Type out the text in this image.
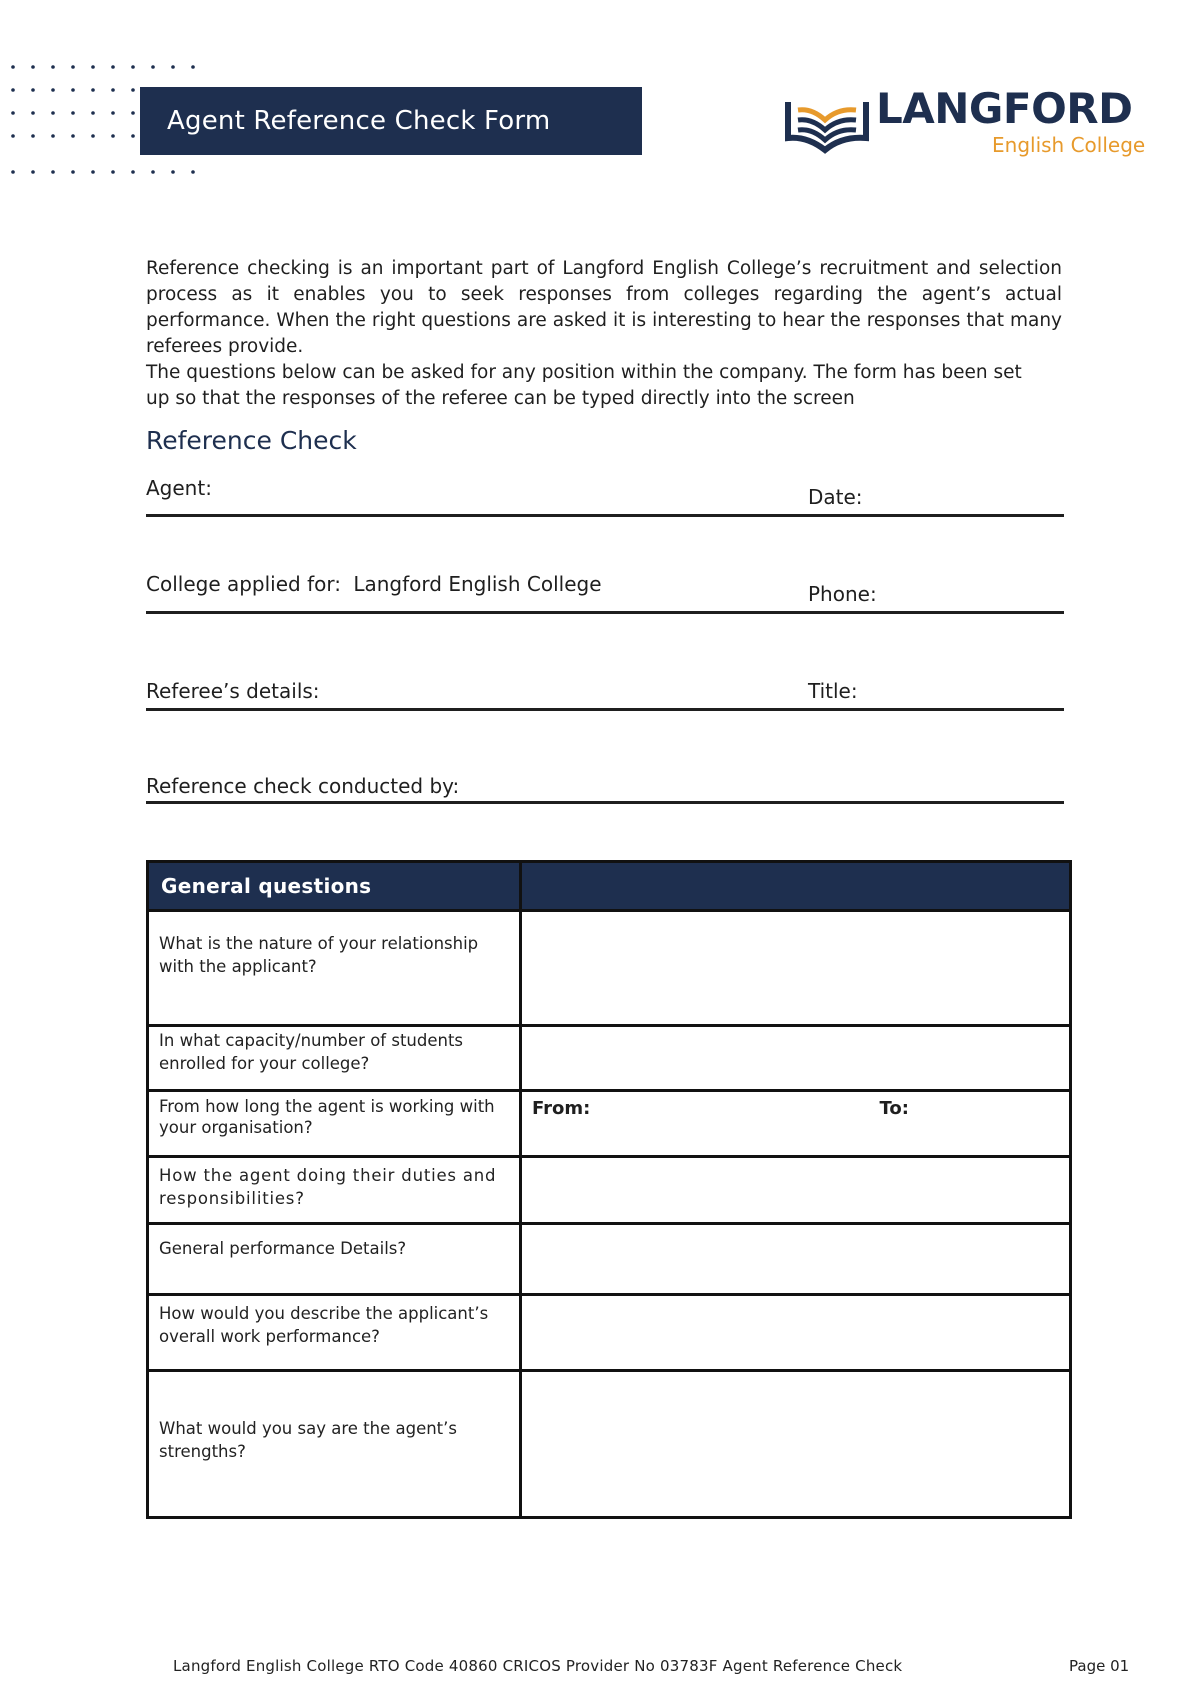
Agent Reference Check Form	LANGFORD
English College

Reference checking is an important part of Langford English College’s recruitment and selection process as it enables you to seek responses from colleges regarding the agent’s actual performance. When the right questions are asked it is interesting to hear the responses that many referees provide.

The questions below can be asked for any position within the company. The form has been set up so that the responses of the referee can be typed directly into the screen

Reference Check
Agent:	Date:
College applied for: Langford English College	Phone:
Referee’s details:	Title:
Reference check conducted by:
General questions	
What is the nature of your relationship with the applicant?	
In what capacity/number of students enrolled for your college?	
From how long the agent is working with your organisation?	From: To:

How the agent doing their duties and responsibilities?	
General performance Details?	
How would you describe the applicant’s overall work performance?	
What would you say are the agent’s strengths?	
Langford English College RTO Code 40860 CRICOS Provider No 03783F Agent Reference Check	Page 01
